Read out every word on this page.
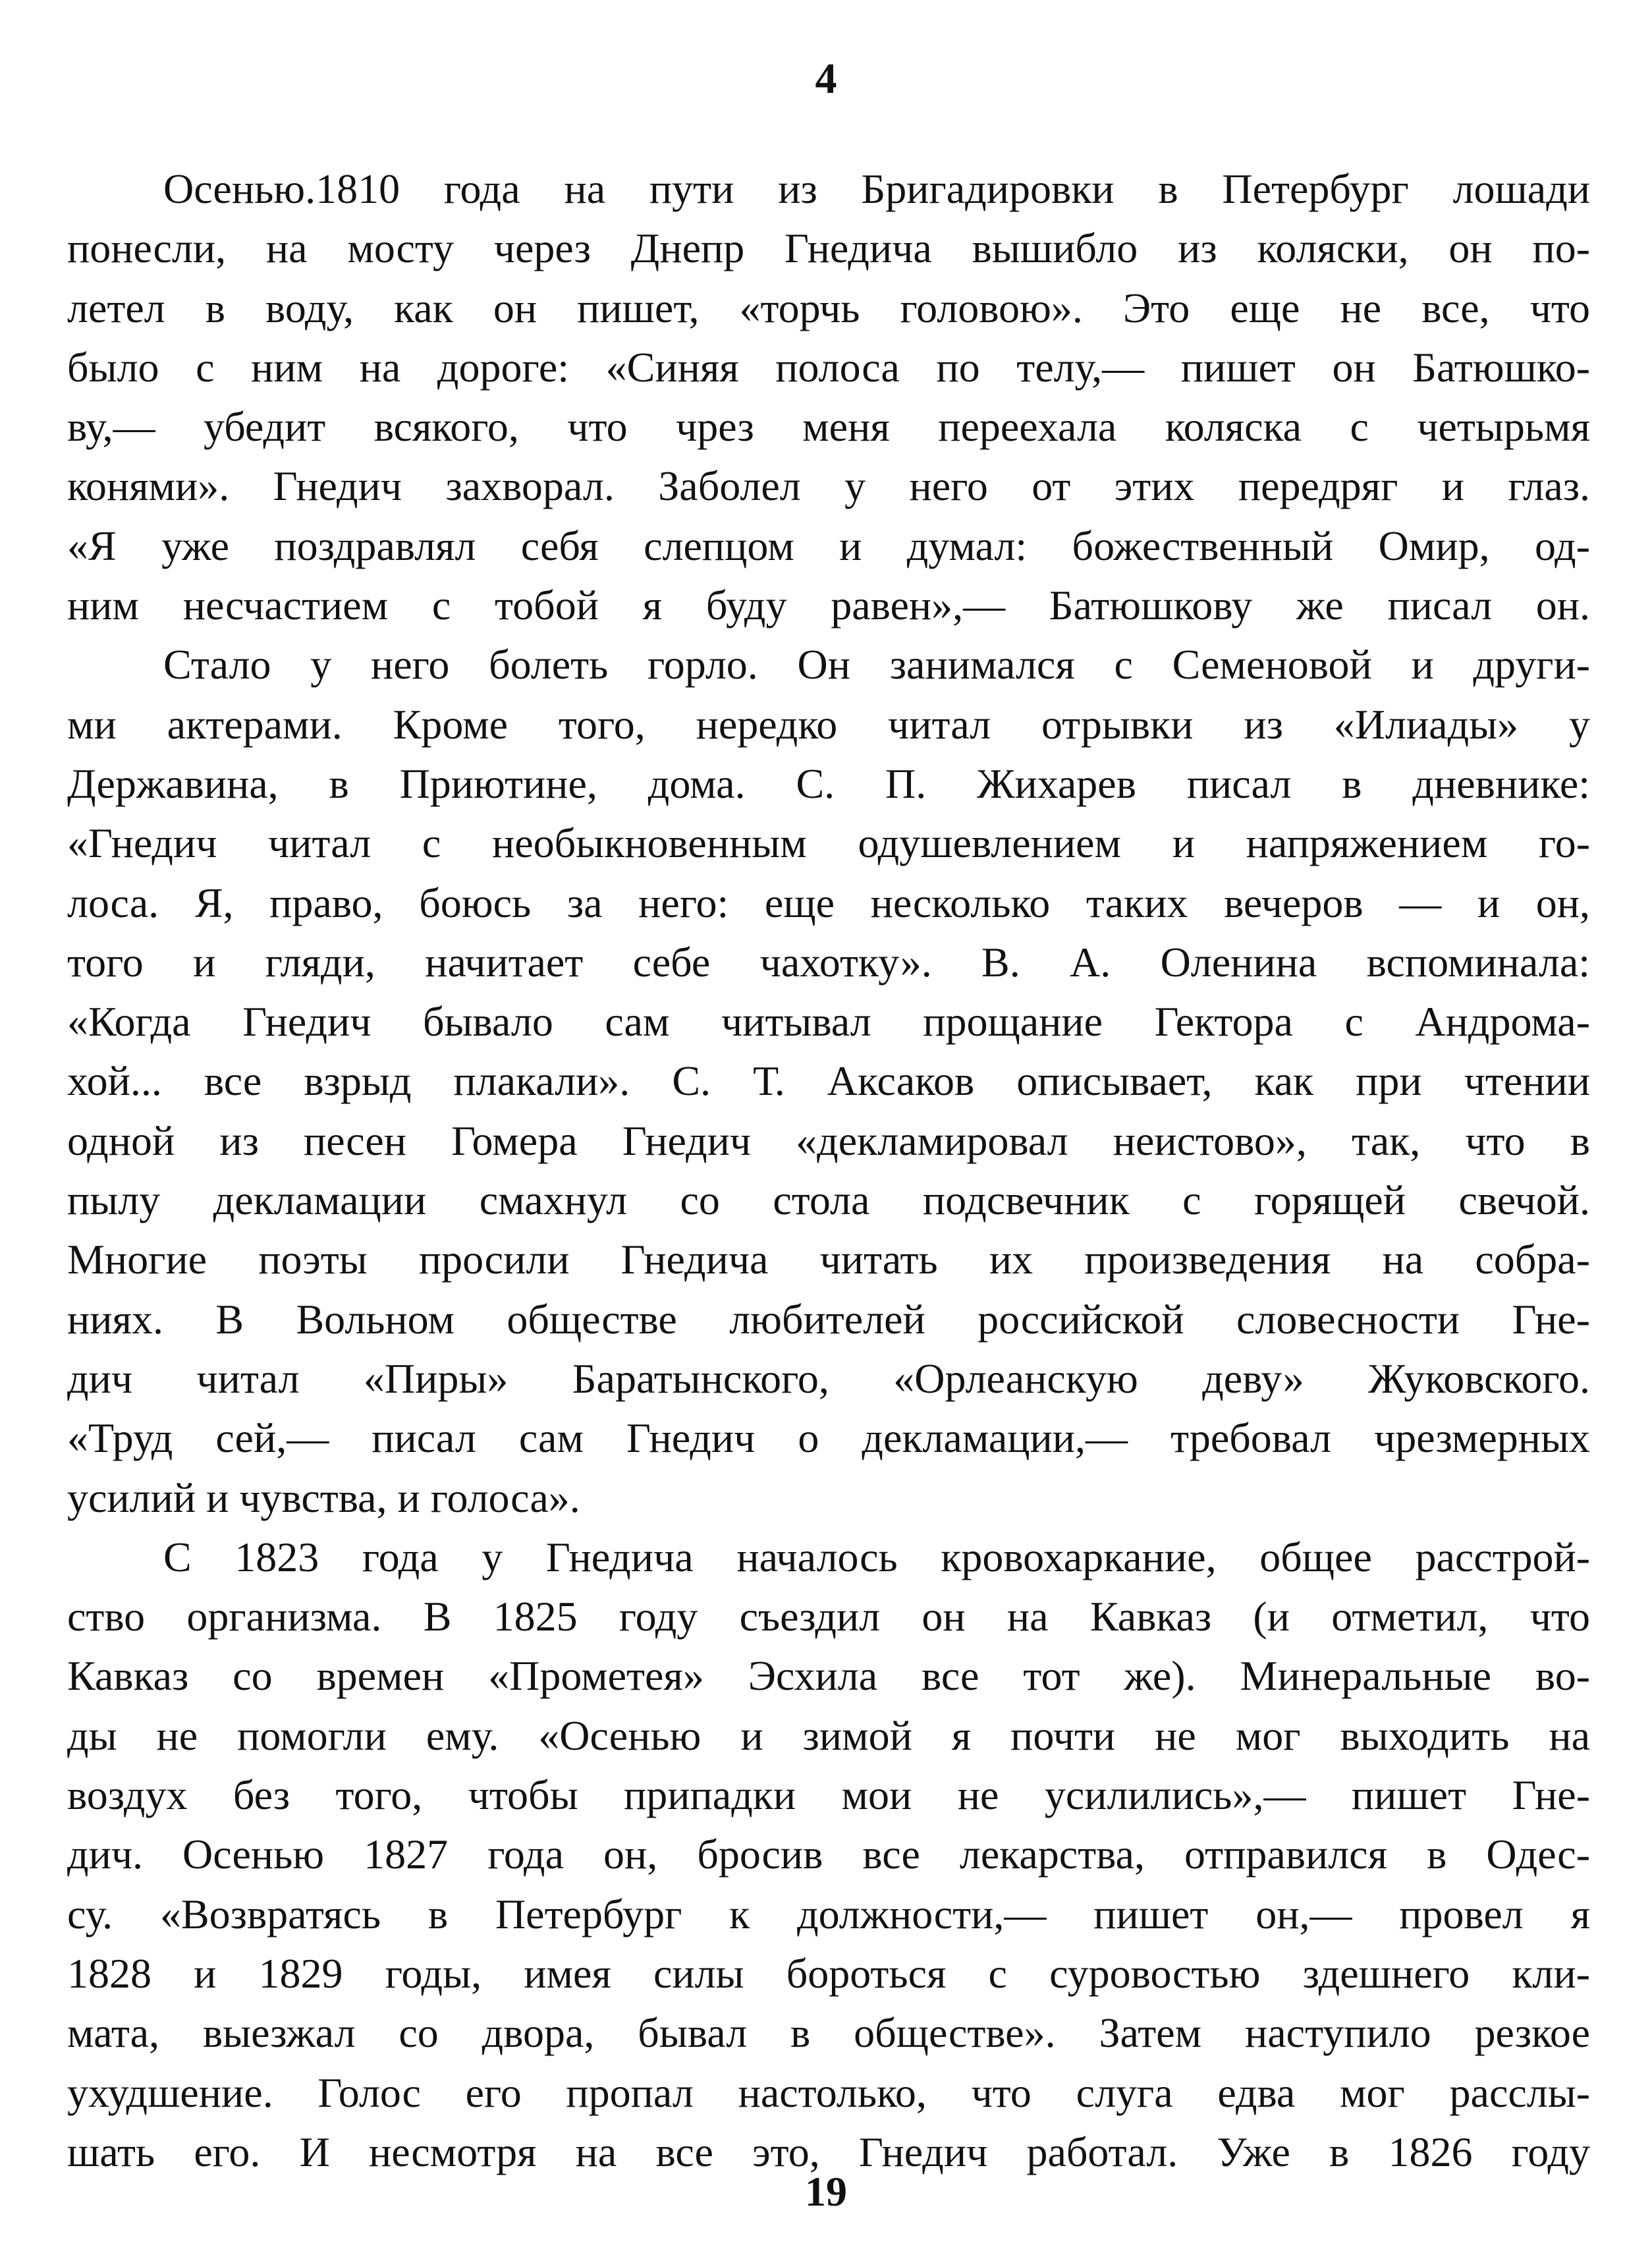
4
Осенью.1810 года на пути из Бригадировки в Петербург лошади
понесли, на мосту через Днепр Гнедича вышибло из коляски, он по-
летел в воду, как он пишет, «торчь головою». Это еще не все, что
было с ним на дороге: «Синяя полоса по телу,— пишет он Батюшко-
ву,— убедит всякого, что чрез меня переехала коляска с четырьмя
конями». Гнедич захворал. Заболел у него от этих передряг и глаз.
«Я уже поздравлял себя слепцом и думал: божественный Омир, од-
ним несчастием с тобой я буду равен»,— Батюшкову же писал он.
Стало у него болеть горло. Он занимался с Семеновой и други-
ми актерами. Кроме того, нередко читал отрывки из «Илиады» у
Державина, в Приютине, дома. С. П. Жихарев писал в дневнике:
«Гнедич читал с необыкновенным одушевлением и напряжением го-
лоса. Я, право, боюсь за него: еще несколько таких вечеров — и он,
того и гляди, начитает себе чахотку». В. А. Оленина вспоминала:
«Когда Гнедич бывало сам читывал прощание Гектора с Андрома-
хой... все взрыд плакали». С. Т. Аксаков описывает, как при чтении
одной из песен Гомера Гнедич «декламировал неистово», так, что в
пылу декламации смахнул со стола подсвечник с горящей свечой.
Многие поэты просили Гнедича читать их произведения на собра-
ниях. В Вольном обществе любителей российской словесности Гне-
дич читал «Пиры» Баратынского, «Орлеанскую деву» Жуковского.
«Труд сей,— писал сам Гнедич о декламации,— требовал чрезмерных
усилий и чувства, и голоса».
С 1823 года у Гнедича началось кровохаркание, общее расстрой-
ство организма. В 1825 году съездил он на Кавказ (и отметил, что
Кавказ со времен «Прометея» Эсхила все тот же). Минеральные во-
ды не помогли ему. «Осенью и зимой я почти не мог выходить на
воздух без того, чтобы припадки мои не усилились»,— пишет Гне-
дич. Осенью 1827 года он, бросив все лекарства, отправился в Одес-
су. «Возвратясь в Петербург к должности,— пишет он,— провел я
1828 и 1829 годы, имея силы бороться с суровостью здешнего кли-
мата, выезжал со двора, бывал в обществе». Затем наступило резкое
ухудшение. Голос его пропал настолько, что слуга едва мог расслы-
шать его. И несмотря на все это, Гнедич работал. Уже в 1826 году
19
